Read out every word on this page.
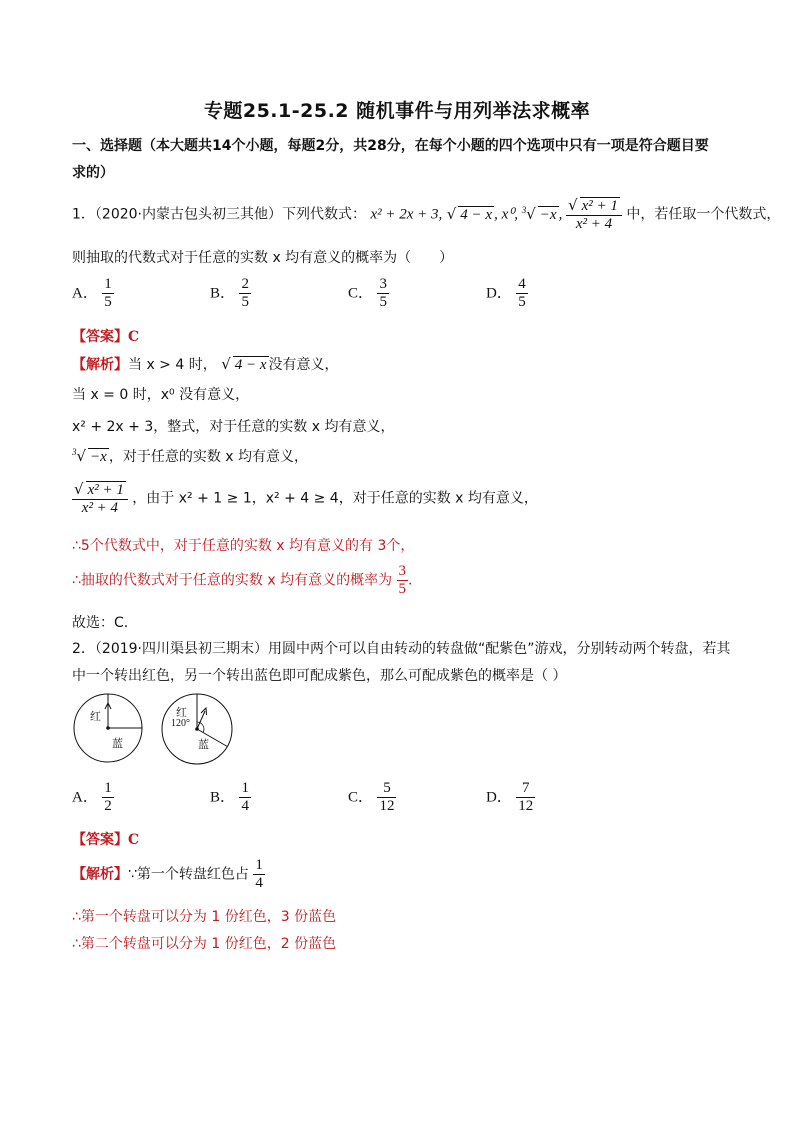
专题25.1-25.2 随机事件与用列举法求概率
一、选择题（本大题共14个小题，每题2分，共28分，在每个小题的四个选项中只有一项是符合题目要
求的）
1．（2020·内蒙古包头初三其他）下列代数式： x² + 2x + 3, √ 4 − x , x⁰, $^3$√ −x , $\frac{\text{√ x² + 1}}{\text{x² + 4}}$ 中，若任取一个代数式，
则抽取的代数式对于任意的实数 x 均有意义的概率为（　　）
A． $\frac{1}{5}$	B． $\frac{2}{5}$	C． $\frac{3}{5}$	D． $\frac{4}{5}$
【答案】C
【解析】当 x > 4 时， √ 4 − x 没有意义，
当 x = 0 时，x⁰ 没有意义，
x² + 2x + 3，整式，对于任意的实数 x 均有意义，
$^3$√ −x ，对于任意的实数 x 均有意义，
$\frac{\text{√ x² + 1}}{\text{x² + 4}}$ ，由于 x² + 1 ≥ 1，x² + 4 ≥ 4，对于任意的实数 x 均有意义，
∴5个代数式中，对于任意的实数 x 均有意义的有 3个，
∴抽取的代数式对于任意的实数 x 均有意义的概率为 $\frac{3}{5}$ .
故选：C.
2．（2019·四川渠县初三期末）用圆中两个可以自由转动的转盘做“配紫色”游戏，分别转动两个转盘，若其
中一个转出红色，另一个转出蓝色即可配成紫色，那么可配成紫色的概率是（ ）
红
蓝
红
120°
蓝
A． $\frac{1}{2}$	B． $\frac{1}{4}$	C． $\frac{5}{12}$	D． $\frac{7}{12}$
【答案】C
【解析】∵第一个转盘红色占 $\frac{1}{4}$
∴第一个转盘可以分为 1 份红色，3 份蓝色
∴第二个转盘可以分为 1 份红色，2 份蓝色
